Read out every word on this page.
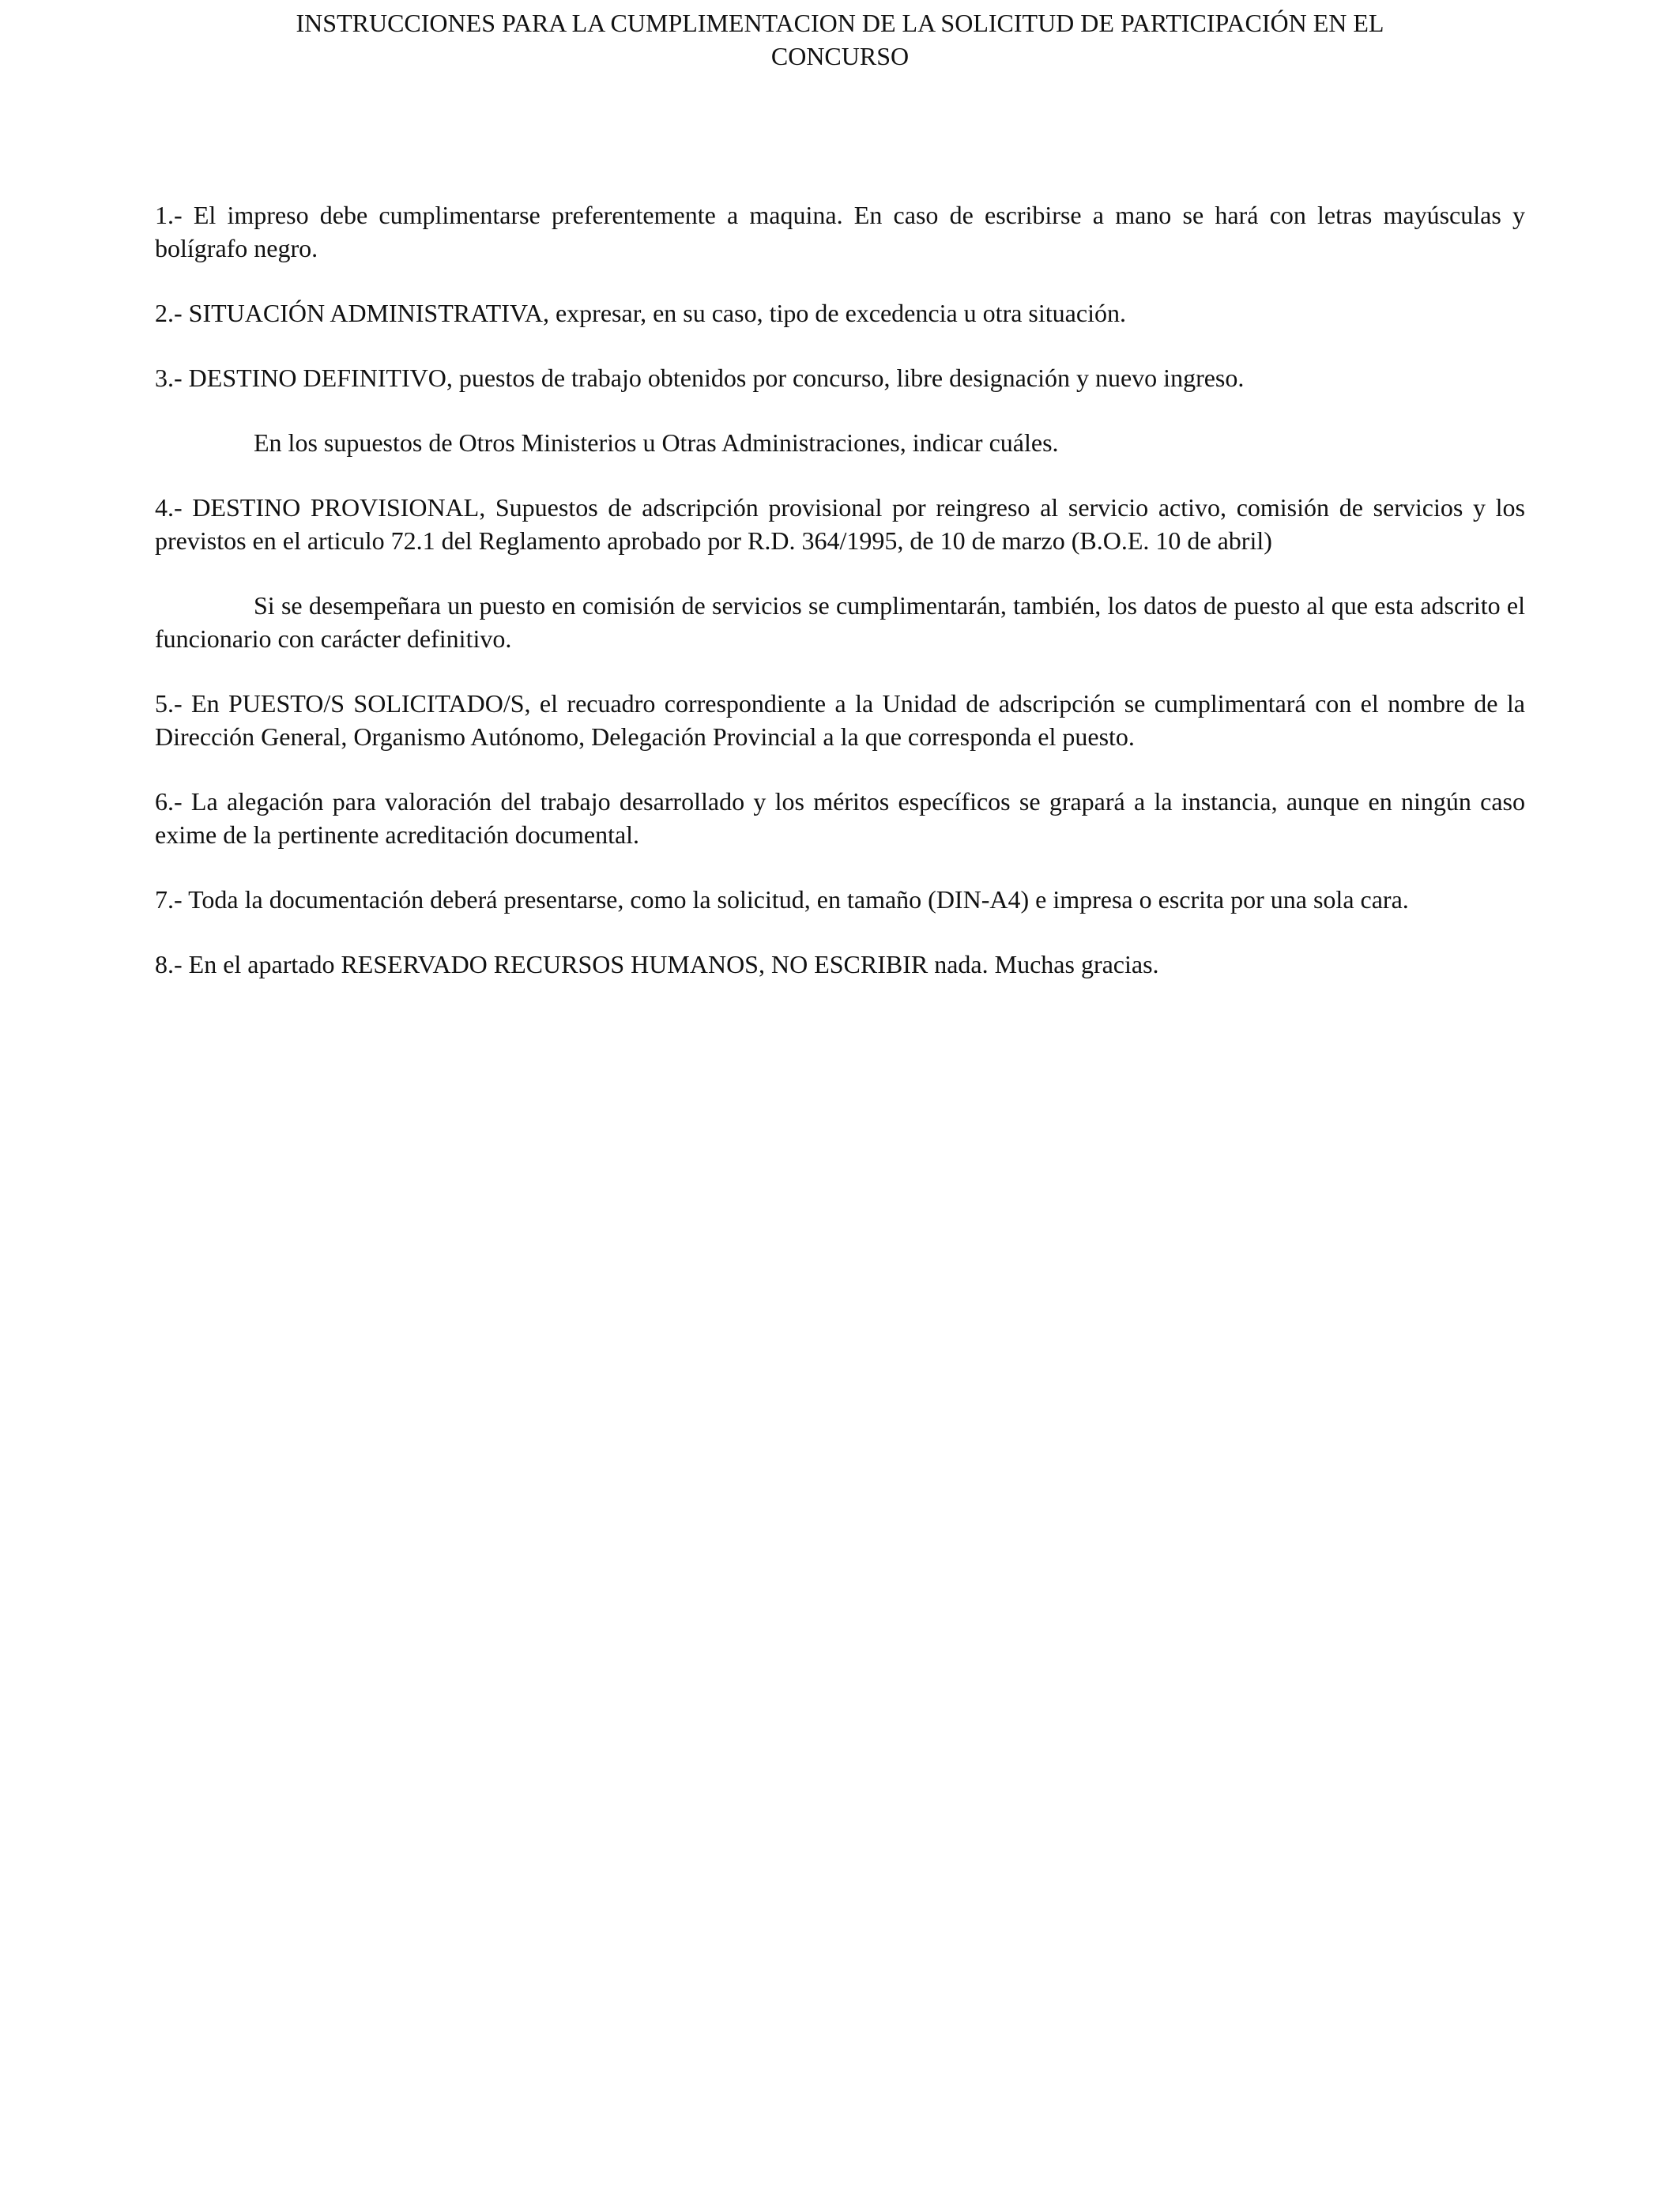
INSTRUCCIONES PARA LA CUMPLIMENTACION DE LA SOLICITUD DE PARTICIPACIÓN EN EL
CONCURSO

1.- El impreso debe cumplimentarse preferentemente a maquina. En caso de escribirse a mano se hará con letras mayúsculas y bolígrafo negro.

2.- SITUACIÓN ADMINISTRATIVA, expresar, en su caso, tipo de excedencia u otra situación.

3.- DESTINO DEFINITIVO, puestos de trabajo obtenidos por concurso, libre designación y nuevo ingreso.

En los supuestos de Otros Ministerios u Otras Administraciones, indicar cuáles.

4.- DESTINO PROVISIONAL, Supuestos de adscripción provisional por reingreso al servicio activo, comisión de servicios y los previstos en el articulo 72.1 del Reglamento aprobado por R.D. 364/1995, de 10 de marzo (B.O.E. 10 de abril)

Si se desempeñara un puesto en comisión de servicios se cumplimentarán, también, los datos de puesto al que esta adscrito el funcionario con carácter definitivo.

5.- En PUESTO/S SOLICITADO/S, el recuadro correspondiente a la Unidad de adscripción se cumplimentará con el nombre de la Dirección General, Organismo Autónomo, Delegación Provincial a la que corresponda el puesto.

6.- La alegación para valoración del trabajo desarrollado y los méritos específicos se grapará a la instancia, aunque en ningún caso exime de la pertinente acreditación documental.

7.- Toda la documentación deberá presentarse, como la solicitud, en tamaño (DIN-A4) e impresa o escrita por una sola cara.

8.- En el apartado RESERVADO RECURSOS HUMANOS, NO ESCRIBIR nada. Muchas gracias.
